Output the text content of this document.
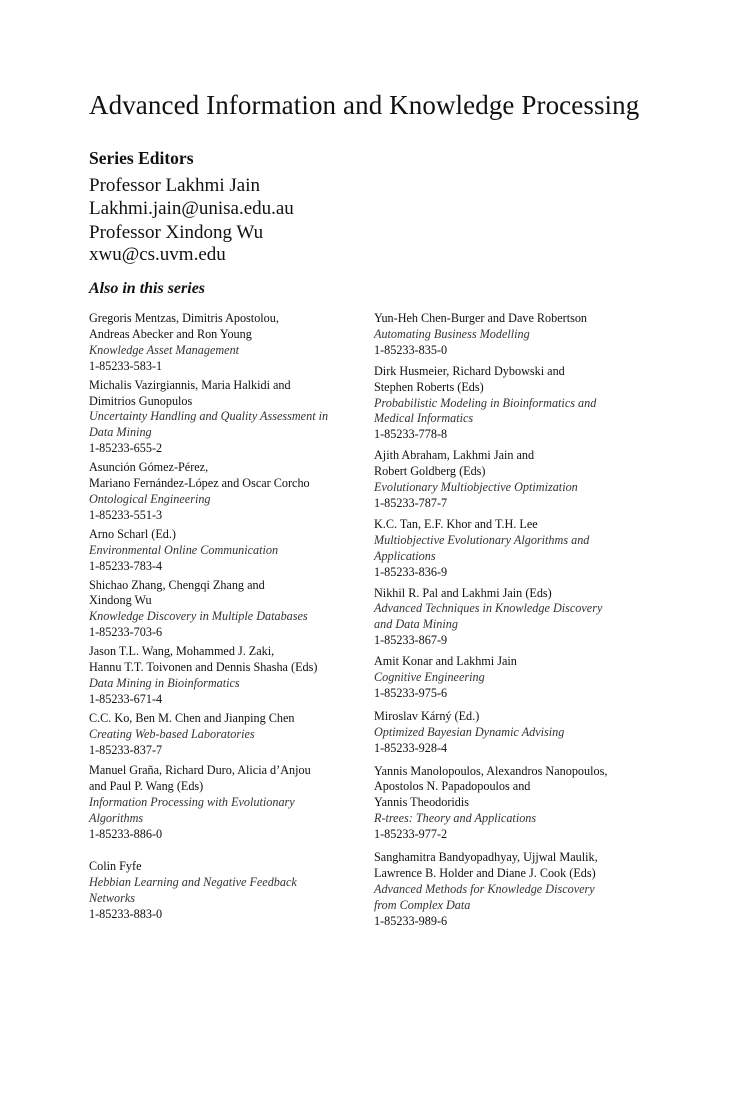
Advanced Information and Knowledge Processing
Series Editors
Professor Lakhmi Jain
Lakhmi.jain@unisa.edu.au
Professor Xindong Wu
xwu@cs.uvm.edu
Also in this series
Gregoris Mentzas, Dimitris Apostolou,
Andreas Abecker and Ron Young
Knowledge Asset Management
1-85233-583-1
Michalis Vazirgiannis, Maria Halkidi and
Dimitrios Gunopulos
Uncertainty Handling and Quality Assessment in
Data Mining
1-85233-655-2
Asunción Gómez-Pérez,
Mariano Fernández-López and Oscar Corcho
Ontological Engineering
1-85233-551-3
Arno Scharl (Ed.)
Environmental Online Communication
1-85233-783-4
Shichao Zhang, Chengqi Zhang and
Xindong Wu
Knowledge Discovery in Multiple Databases
1-85233-703-6
Jason T.L. Wang, Mohammed J. Zaki,
Hannu T.T. Toivonen and Dennis Shasha (Eds)
Data Mining in Bioinformatics
1-85233-671-4
C.C. Ko, Ben M. Chen and Jianping Chen
Creating Web-based Laboratories
1-85233-837-7
Manuel Graña, Richard Duro, Alicia d’Anjou
and Paul P. Wang (Eds)
Information Processing with Evolutionary
Algorithms
1-85233-886-0
Colin Fyfe
Hebbian Learning and Negative Feedback
Networks
1-85233-883-0
Yun-Heh Chen-Burger and Dave Robertson
Automating Business Modelling
1-85233-835-0
Dirk Husmeier, Richard Dybowski and
Stephen Roberts (Eds)
Probabilistic Modeling in Bioinformatics and
Medical Informatics
1-85233-778-8
Ajith Abraham, Lakhmi Jain and
Robert Goldberg (Eds)
Evolutionary Multiobjective Optimization
1-85233-787-7
K.C. Tan, E.F. Khor and T.H. Lee
Multiobjective Evolutionary Algorithms and
Applications
1-85233-836-9
Nikhil R. Pal and Lakhmi Jain (Eds)
Advanced Techniques in Knowledge Discovery
and Data Mining
1-85233-867-9
Amit Konar and Lakhmi Jain
Cognitive Engineering
1-85233-975-6
Miroslav Kárný (Ed.)
Optimized Bayesian Dynamic Advising
1-85233-928-4
Yannis Manolopoulos, Alexandros Nanopoulos,
Apostolos N. Papadopoulos and
Yannis Theodoridis
R-trees: Theory and Applications
1-85233-977-2
Sanghamitra Bandyopadhyay, Ujjwal Maulik,
Lawrence B. Holder and Diane J. Cook (Eds)
Advanced Methods for Knowledge Discovery
from Complex Data
1-85233-989-6
